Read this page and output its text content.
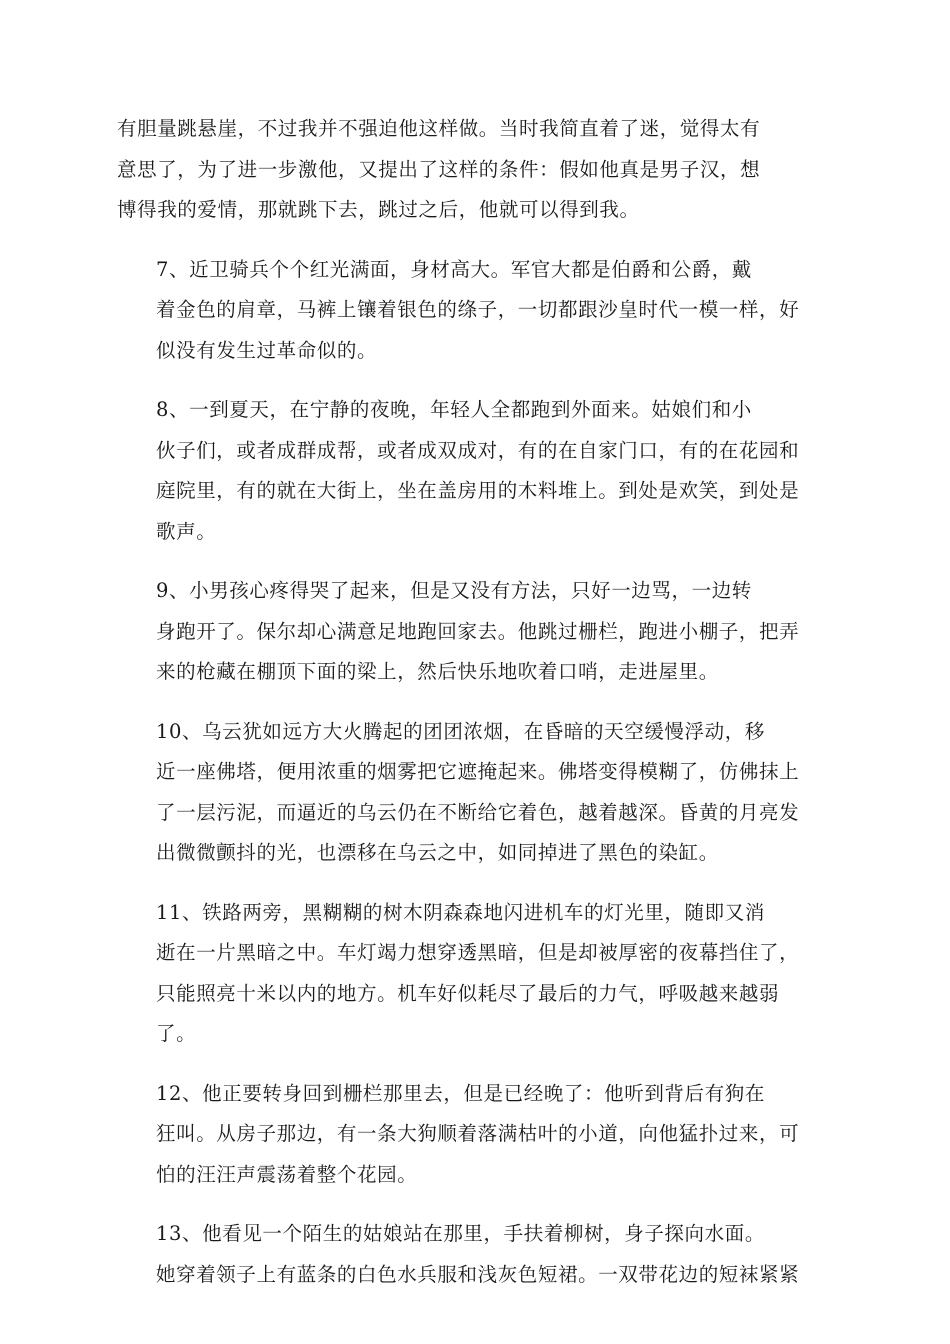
有胆量跳悬崖，不过我并不强迫他这样做。当时我简直着了迷，觉得太有
意思了，为了进一步激他，又提出了这样的条件：假如他真是男子汉，想
博得我的爱情，那就跳下去，跳过之后，他就可以得到我。

7、近卫骑兵个个红光满面，身材高大。军官大都是伯爵和公爵，戴
着金色的肩章，马裤上镶着银色的绦子，一切都跟沙皇时代一模一样，好
似没有发生过革命似的。

8、一到夏天，在宁静的夜晚，年轻人全都跑到外面来。姑娘们和小
伙子们，或者成群成帮，或者成双成对，有的在自家门口，有的在花园和
庭院里，有的就在大街上，坐在盖房用的木料堆上。到处是欢笑，到处是
歌声。

9、小男孩心疼得哭了起来，但是又没有方法，只好一边骂，一边转
身跑开了。保尔却心满意足地跑回家去。他跳过栅栏，跑进小棚子，把弄
来的枪藏在棚顶下面的梁上，然后快乐地吹着口哨，走进屋里。

10、乌云犹如远方大火腾起的团团浓烟，在昏暗的天空缓慢浮动，移
近一座佛塔，便用浓重的烟雾把它遮掩起来。佛塔变得模糊了，仿佛抹上
了一层污泥，而逼近的乌云仍在不断给它着色，越着越深。昏黄的月亮发
出微微颤抖的光，也漂移在乌云之中，如同掉进了黑色的染缸。

11、铁路两旁，黑糊糊的树木阴森森地闪进机车的灯光里，随即又消
逝在一片黑暗之中。车灯竭力想穿透黑暗，但是却被厚密的夜幕挡住了，
只能照亮十米以内的地方。机车好似耗尽了最后的力气，呼吸越来越弱
了。

12、他正要转身回到栅栏那里去，但是已经晚了：他听到背后有狗在
狂叫。从房子那边，有一条大狗顺着落满枯叶的小道，向他猛扑过来，可
怕的汪汪声震荡着整个花园。

13、他看见一个陌生的姑娘站在那里，手扶着柳树，身子探向水面。
她穿着领子上有蓝条的白色水兵服和浅灰色短裙。一双带花边的短袜紧紧
